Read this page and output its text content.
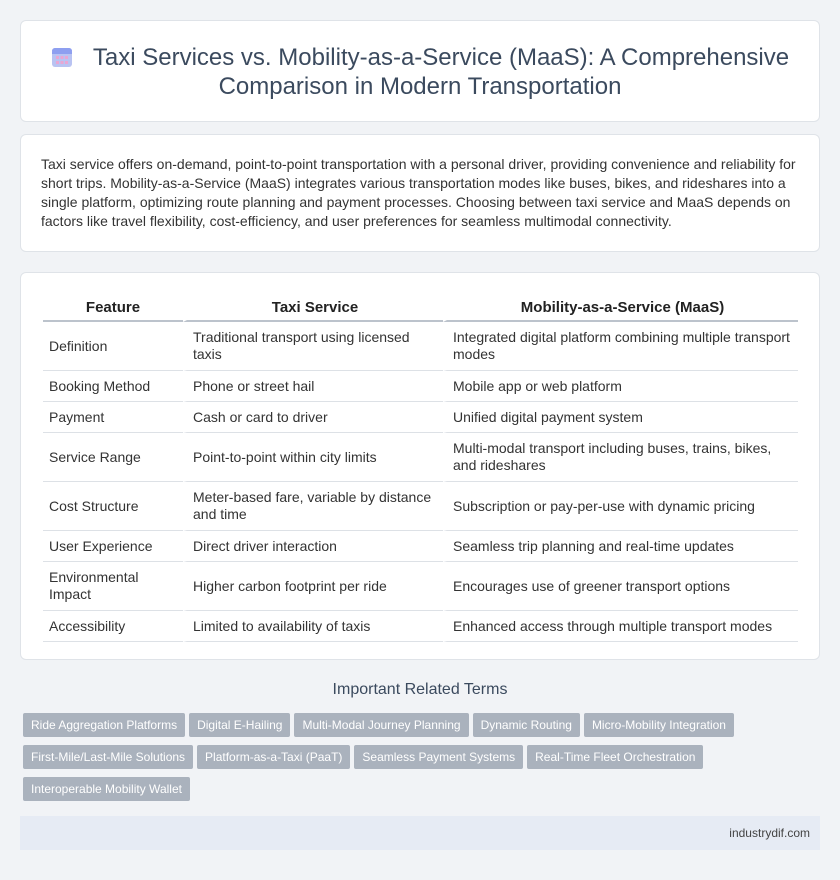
Taxi Services vs. Mobility-as-a-Service (MaaS): A Comprehensive
Comparison in Modern Transportation

Taxi service offers on-demand, point-to-point transportation with a personal driver, providing convenience and reliability for short trips. Mobility-as-a-Service (MaaS) integrates various transportation modes like buses, bikes, and rideshares into a single platform, optimizing route planning and payment processes. Choosing between taxi service and MaaS depends on factors like travel flexibility, cost-efficiency, and user preferences for seamless multimodal connectivity.

Feature	Taxi Service	Mobility-as-a-Service (MaaS)
Definition	Traditional transport using licensed taxis	Integrated digital platform combining multiple transport modes
Booking Method	Phone or street hail	Mobile app or web platform
Payment	Cash or card to driver	Unified digital payment system
Service Range	Point-to-point within city limits	Multi-modal transport including buses, trains, bikes, and rideshares
Cost Structure	Meter-based fare, variable by distance and time	Subscription or pay-per-use with dynamic pricing
User Experience	Direct driver interaction	Seamless trip planning and real-time updates
Environmental Impact	Higher carbon footprint per ride	Encourages use of greener transport options
Accessibility	Limited to availability of taxis	Enhanced access through multiple transport modes
Important Related Terms
Ride Aggregation Platforms Digital E-Hailing Multi-Modal Journey Planning Dynamic Routing Micro-Mobility Integration
First-Mile/Last-Mile Solutions Platform-as-a-Taxi (PaaT) Seamless Payment Systems Real-Time Fleet Orchestration
Interoperable Mobility Wallet
industrydif.com
